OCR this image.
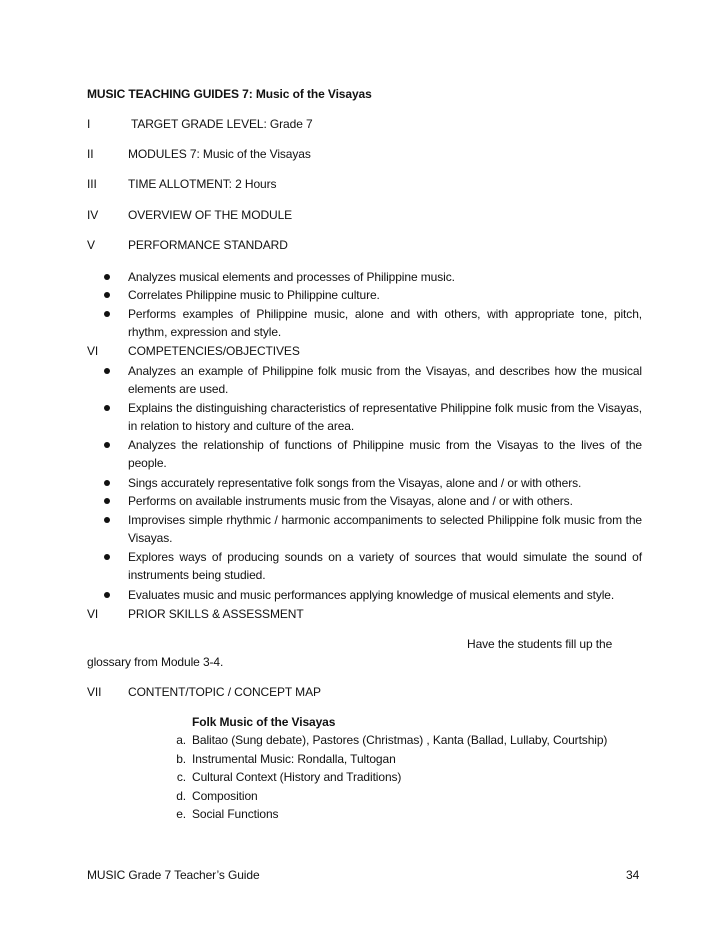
MUSIC TEACHING GUIDES 7: Music of the Visayas
I	TARGET GRADE LEVEL: Grade 7
II	MODULES 7: Music of the Visayas
III	TIME ALLOTMENT: 2 Hours
IV OVERVIEW OF THE MODULE
V	PERFORMANCE STANDARD
Analyzes musical elements and processes of Philippine music.
Correlates Philippine music to Philippine culture.
Performs examples of Philippine music, alone and with others, with appropriate tone, pitch, rhythm, expression and style.
VI COMPETENCIES/OBJECTIVES
Analyzes an example of Philippine folk music from the Visayas, and describes how the musical elements are used.
Explains the distinguishing characteristics of representative Philippine folk music from the Visayas, in relation to history and culture of the area.
Analyzes the relationship of functions of Philippine music from the Visayas to the lives of the people.
Sings accurately representative folk songs from the Visayas, alone and / or with others.
Performs on available instruments music from the Visayas, alone and / or with others.
Improvises simple rhythmic / harmonic accompaniments to selected Philippine folk music from the Visayas.
Explores ways of producing sounds on a variety of sources that would simulate the sound of instruments being studied.
Evaluates music and music performances applying knowledge of musical elements and style.
VI PRIOR SKILLS & ASSESSMENT
Have the students fill up the
glossary from Module 3-4.
VII CONTENT/TOPIC / CONCEPT MAP
Folk Music of the Visayas
a. Balitao (Sung debate), Pastores (Christmas) , Kanta (Ballad, Lullaby, Courtship)
b. Instrumental Music: Rondalla, Tultogan
c. Cultural Context (History and Traditions)
d. Composition
e. Social Functions
MUSIC Grade 7 Teacher’s Guide	34
